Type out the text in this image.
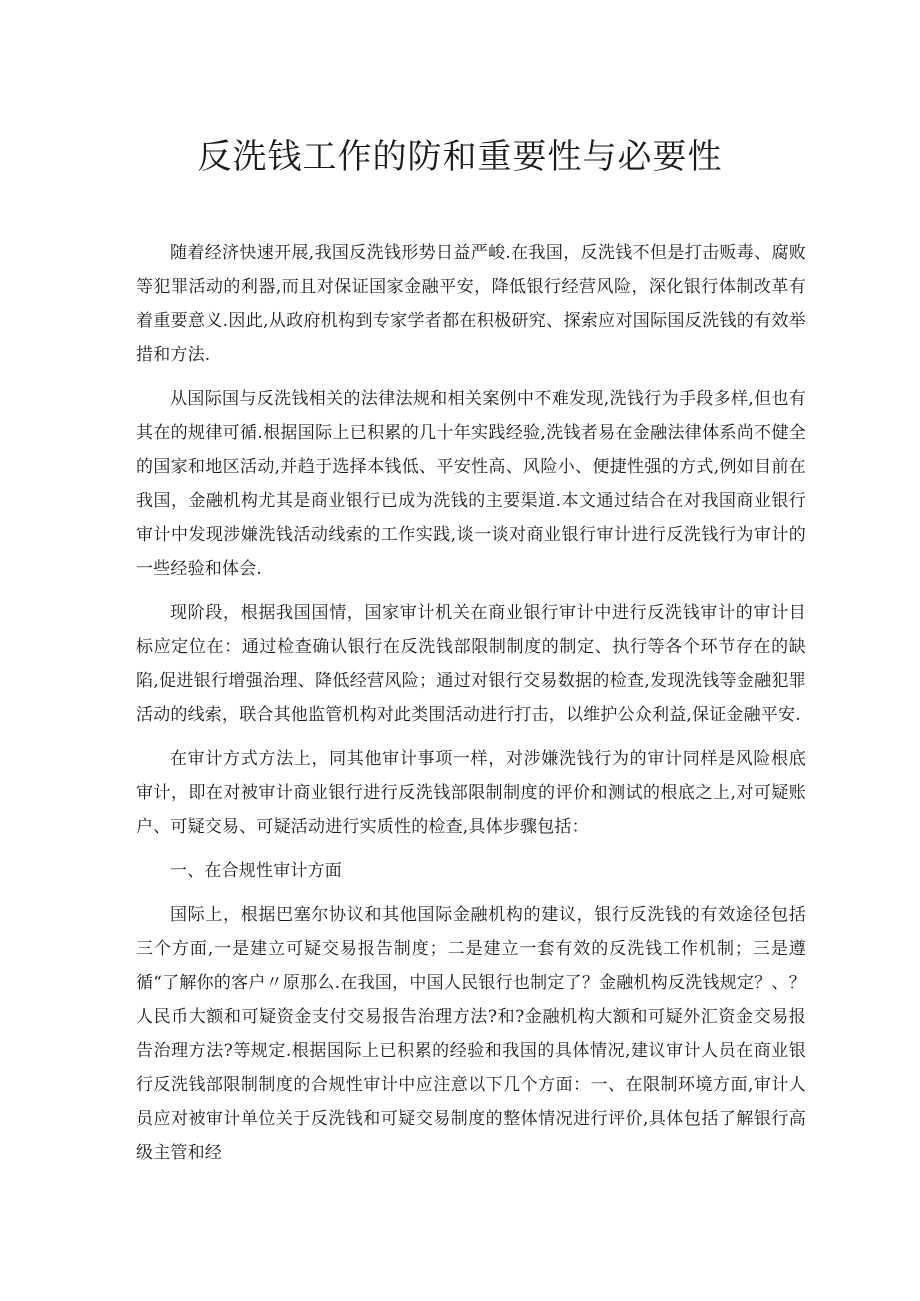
反洗钱工作的防和重要性与必要性

随着经济快速开展,我国反洗钱形势日益严峻.在我国，反洗钱不但是打击贩毒、腐败等犯罪活动的利器,而且对保证国家金融平安，降低银行经营风险，深化银行体制改革有着重要意义.因此,从政府机构到专家学者都在积极研究、探索应对国际国反洗钱的有效举措和方法.

从国际国与反洗钱相关的法律法规和相关案例中不难发现,洗钱行为手段多样,但也有其在的规律可循.根据国际上已积累的几十年实践经验,洗钱者易在金融法律体系尚不健全的国家和地区活动,并趋于选择本钱低、平安性高、风险小、便捷性强的方式,例如目前在我国，金融机构尤其是商业银行已成为洗钱的主要渠道.本文通过结合在对我国商业银行审计中发现涉嫌洗钱活动线索的工作实践,谈一谈对商业银行审计进行反洗钱行为审计的一些经验和体会.

现阶段，根据我国国情，国家审计机关在商业银行审计中进行反洗钱审计的审计目标应定位在：通过检查确认银行在反洗钱部限制制度的制定、执行等各个环节存在的缺陷,促进银行增强治理、降低经营风险；通过对银行交易数据的检查,发现洗钱等金融犯罪活动的线索，联合其他监管机构对此类围活动进行打击，以维护公众利益,保证金融平安.

在审计方式方法上，同其他审计事项一样，对涉嫌洗钱行为的审计同样是风险根底审计，即在对被审计商业银行进行反洗钱部限制制度的评价和测试的根底之上,对可疑账户、可疑交易、可疑活动进行实质性的检查,具体步骤包括：

一、在合规性审计方面

国际上，根据巴塞尔协议和其他国际金融机构的建议，银行反洗钱的有效途径包括三个方面,一是建立可疑交易报告制度；二是建立一套有效的反洗钱工作机制；三是遵循“了解你的客户〃原那么.在我国，中国人民银行也制定了？金融机构反洗钱规定？、？人民币大额和可疑资金支付交易报告治理方法?和?金融机构大额和可疑外汇资金交易报告治理方法?等规定.根据国际上已积累的经验和我国的具体情况,建议审计人员在商业银行反洗钱部限制制度的合规性审计中应注意以下几个方面：一、在限制环境方面,审计人员应对被审计单位关于反洗钱和可疑交易制度的整体情况进行评价,具体包括了解银行高级主管和经
